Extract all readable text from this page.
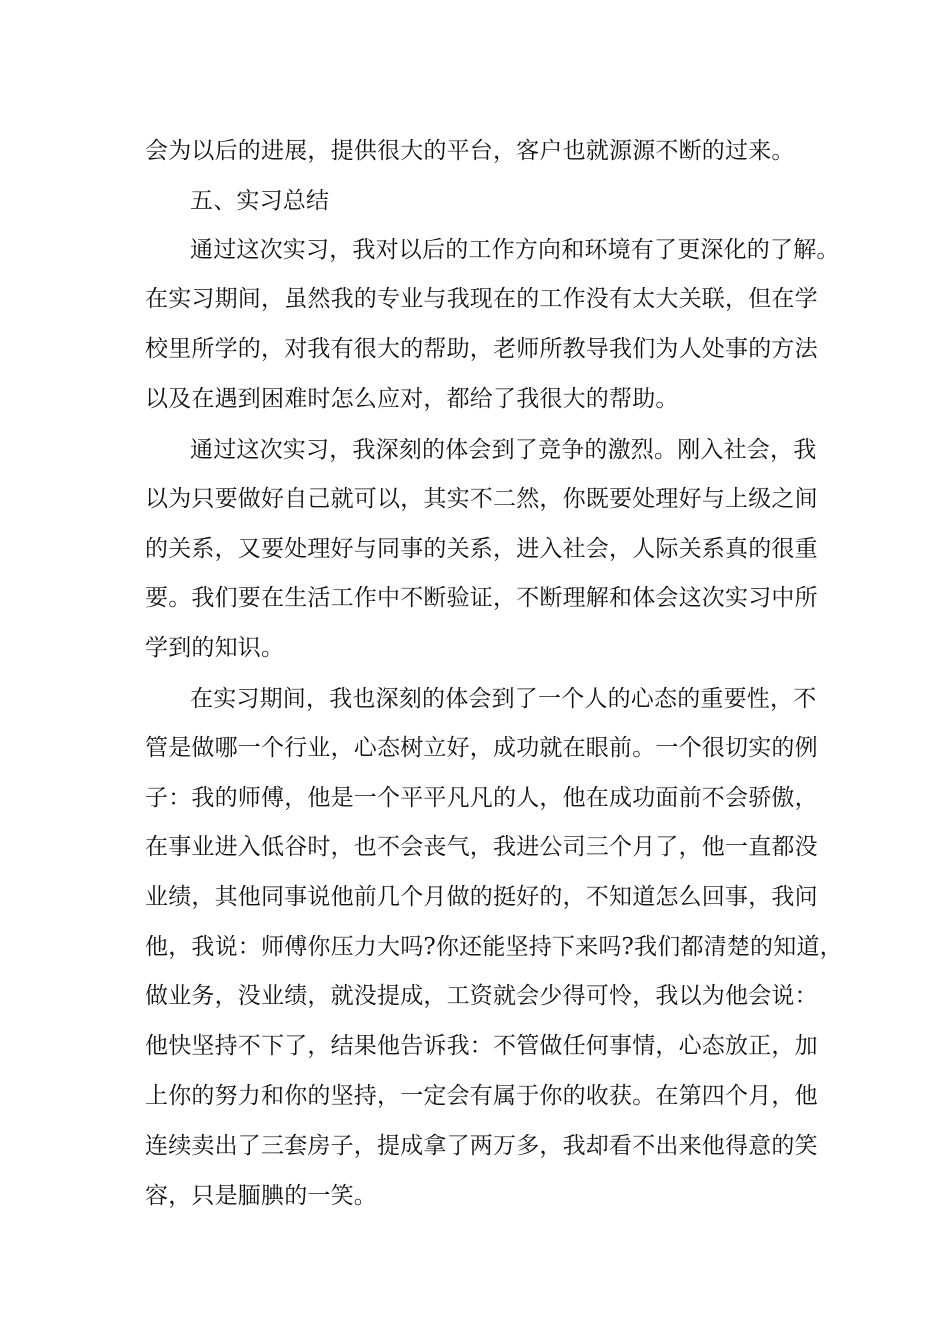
会为以后的进展，提供很大的平台，客户也就源源不断的过来。
五、实习总结
通过这次实习，我对以后的工作方向和环境有了更深化的了解。
在实习期间，虽然我的专业与我现在的工作没有太大关联，但在学
校里所学的，对我有很大的帮助，老师所教导我们为人处事的方法
以及在遇到困难时怎么应对，都给了我很大的帮助。
通过这次实习，我深刻的体会到了竞争的激烈。刚入社会，我
以为只要做好自己就可以，其实不二然，你既要处理好与上级之间
的关系，又要处理好与同事的关系，进入社会，人际关系真的很重
要。我们要在生活工作中不断验证，不断理解和体会这次实习中所
学到的知识。
在实习期间，我也深刻的体会到了一个人的心态的重要性，不
管是做哪一个行业，心态树立好，成功就在眼前。一个很切实的例
子：我的师傅，他是一个平平凡凡的人，他在成功面前不会骄傲，
在事业进入低谷时，也不会丧气，我进公司三个月了，他一直都没
业绩，其他同事说他前几个月做的挺好的，不知道怎么回事，我问
他，我说：师傅你压力大吗?你还能坚持下来吗?我们都清楚的知道，
做业务，没业绩，就没提成，工资就会少得可怜，我以为他会说：
他快坚持不下了，结果他告诉我：不管做任何事情，心态放正，加
上你的努力和你的坚持，一定会有属于你的收获。在第四个月，他
连续卖出了三套房子，提成拿了两万多，我却看不出来他得意的笑
容，只是腼腆的一笑。
